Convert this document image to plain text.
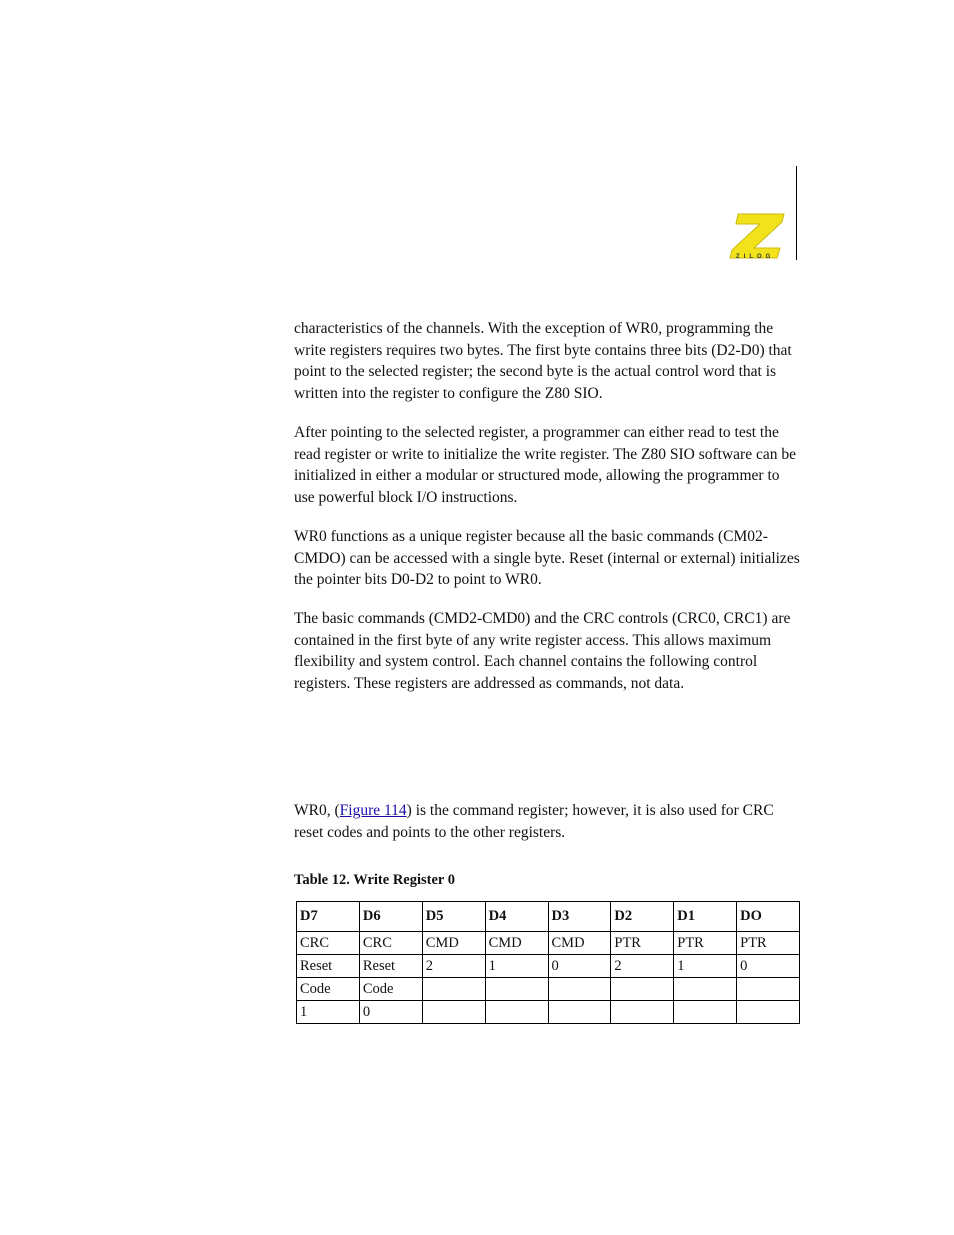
ZILOG

characteristics of the channels. With the exception of WR0, programming the write registers requires two bytes. The first byte contains three bits (D2-D0) that point to the selected register; the second byte is the actual control word that is written into the register to configure the Z80 SIO.

After pointing to the selected register, a programmer can either read to test the read register or write to initialize the write register. The Z80 SIO software can be initialized in either a modular or structured mode, allowing the programmer to use powerful block I/O instructions.

WR0 functions as a unique register because all the basic commands (CM02-CMDO) can be accessed with a single byte. Reset (internal or external) initializes the pointer bits D0-D2 to point to WR0.

The basic commands (CMD2-CMD0) and the CRC controls (CRC0, CRC1) are contained in the first byte of any write register access. This allows maximum flexibility and system control. Each channel contains the following control registers. These registers are addressed as commands, not data.

WR0, (Figure 114) is the command register; however, it is also used for CRC reset codes and points to the other registers.

Table 12. Write Register 0
D7	D6	D5	D4	D3	D2	D1	DO
CRC	CRC	CMD	CMD	CMD	PTR	PTR	PTR
Reset	Reset	2	1	0	2	1	0
Code	Code						
1	0						
